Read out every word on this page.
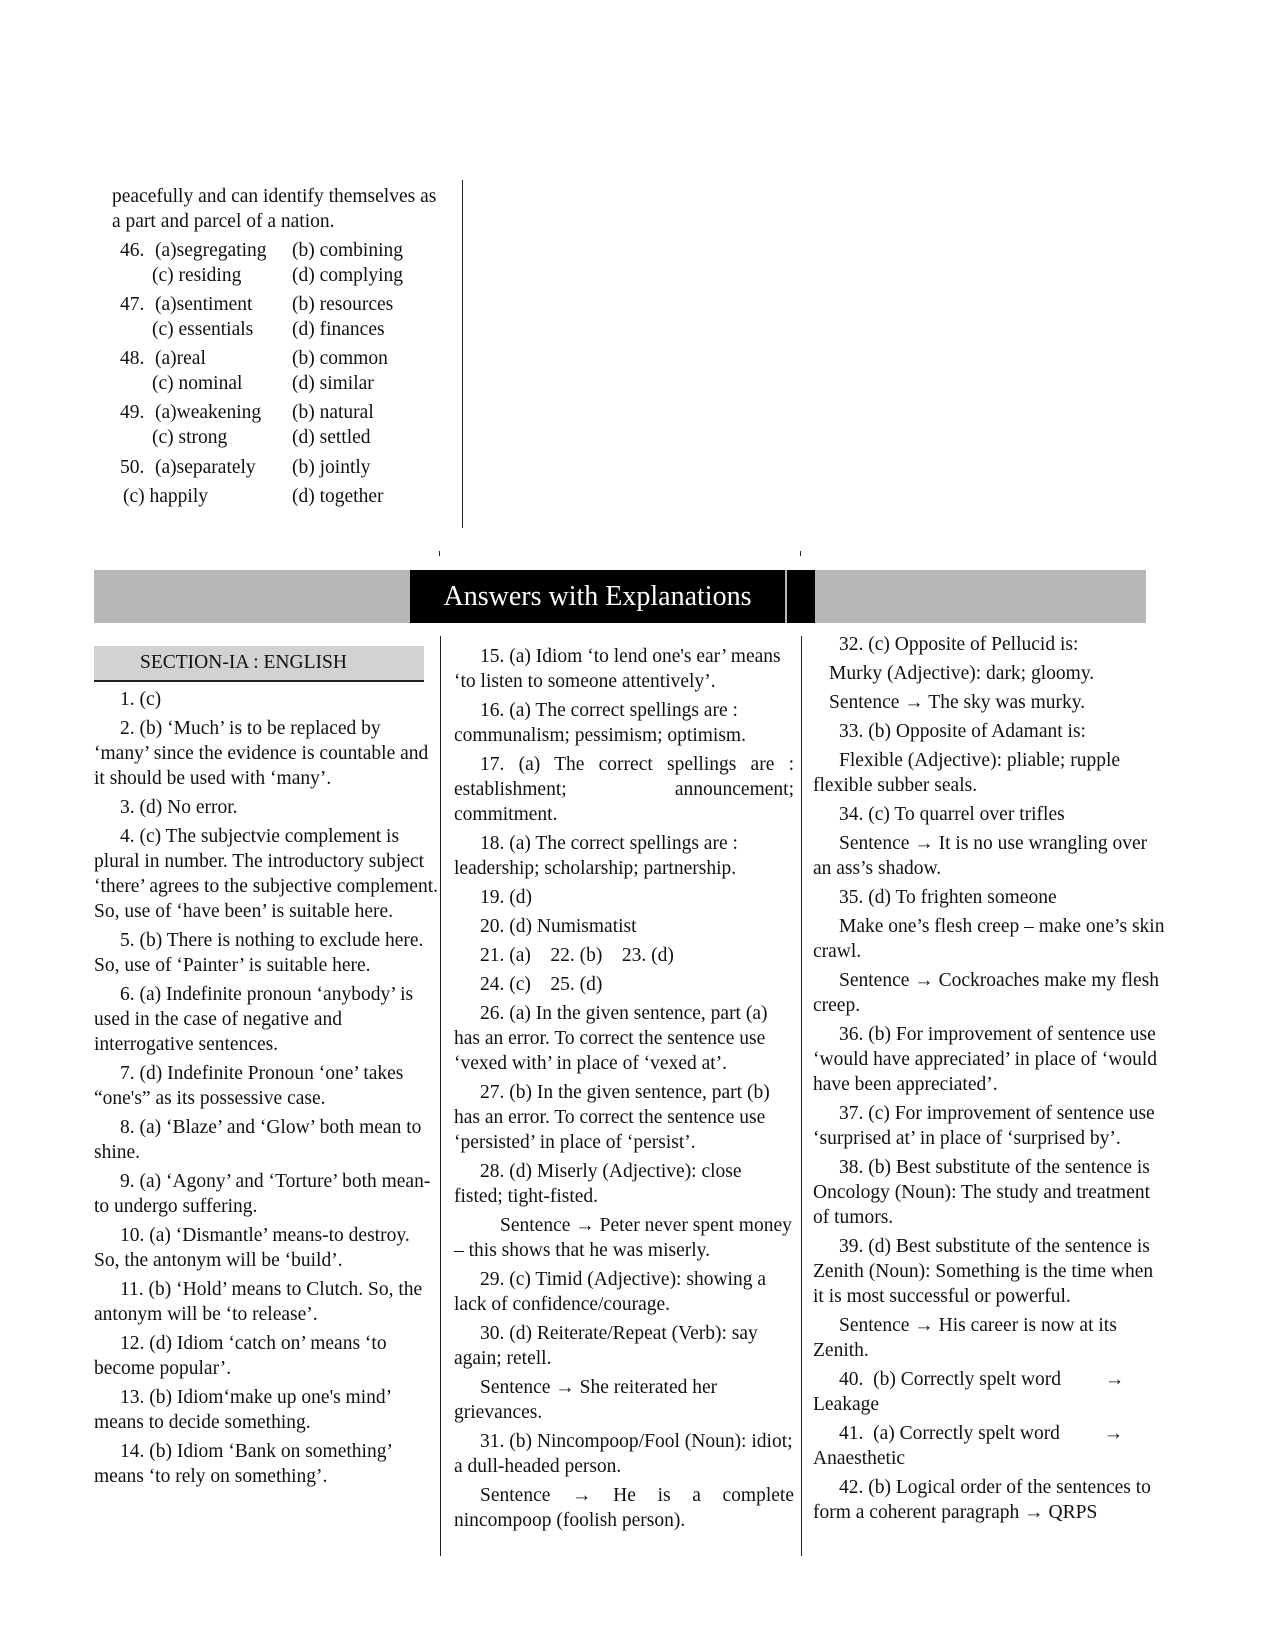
peacefully and can identify themselves as
a part and parcel of a nation.
46. (a)segregating (b) combining
(c) residing	(d) complying
47. (a)sentiment (b) resources
(c) essentials (d) finances
48. (a)real	(b) common
(c) nominal	(d) similar
49. (a)weakening (b) natural
(c) strong	(d) settled
50. (a)separately (b) jointly
(c) happily	(d) together
Answers with Explanations
SECTION-IA : ENGLISH

1. (c)

2. (b) ‘Much’ is to be replaced by ‘many’ since the evidence is countable and it should be used with ‘many’.

3. (d) No error.

4. (c) The subjectvie complement is plural in number. The introductory subject ‘there’ agrees to the subjective complement. So, use of ‘have been’ is suitable here.

5. (b) There is nothing to exclude here. So, use of ‘Painter’ is suitable here.

6. (a) Indefinite pronoun ‘anybody’ is used in the case of negative and interrogative sentences.

7. (d) Indefinite Pronoun ‘one’ takes “one's” as its possessive case.

8. (a) ‘Blaze’ and ‘Glow’ both mean to shine.

9. (a) ‘Agony’ and ‘Torture’ both mean-to undergo suffering.

10. (a) ‘Dismantle’ means-to destroy. So, the antonym will be ‘build’.

11. (b) ‘Hold’ means to Clutch. So, the antonym will be ‘to release’.

12. (d) Idiom ‘catch on’ means ‘to become popular’.

13. (b) Idiom‘make up one's mind’ means to decide something.

14. (b) Idiom ‘Bank on something’ means ‘to rely on something’.

15. (a) Idiom ‘to lend one's ear’ means ‘to listen to someone attentively’.

16. (a) The correct spellings are : communalism; pessimism; optimism.

17. (a) The correct spellings are : establishment; announcement; commitment.

18. (a) The correct spellings are : leadership; scholarship; partnership.

19. (d)

20. (d) Numismatist

21. (a)    22. (b)    23. (d)

24. (c)    25. (d)

26. (a) In the given sentence, part (a) has an error. To correct the sentence use ‘vexed with’ in place of ‘vexed at’.

27. (b) In the given sentence, part (b) has an error. To correct the sentence use ‘persisted’ in place of ‘persist’.

28. (d) Miserly (Adjective): close fisted; tight-fisted.

Sentence → Peter never spent money – this shows that he was miserly.

29. (c) Timid (Adjective): showing a lack of confidence/courage.

30. (d) Reiterate/Repeat (Verb): say again; retell.

Sentence → She reiterated her grievances.

31. (b) Nincompoop/Fool (Noun): idiot; a dull-headed person.

Sentence → He is a complete nincompoop (foolish person).

32. (c) Opposite of Pellucid is:

Murky (Adjective): dark; gloomy.

Sentence → The sky was murky.

33. (b) Opposite of Adamant is:

Flexible (Adjective): pliable; rupple flexible subber seals.

34. (c) To quarrel over trifles

Sentence → It is no use wrangling over an ass’s shadow.

35. (d) To frighten someone

Make one’s flesh creep – make one’s skin crawl.

Sentence → Cockroaches make my flesh creep.

36. (b) For improvement of sentence use ‘would have appreciated’ in place of ‘would have been appreciated’.

37. (c) For improvement of sentence use ‘surprised at’ in place of ‘surprised by’.

38. (b) Best substitute of the sentence is Oncology (Noun): The study and treatment of tumors.

39. (d) Best substitute of the sentence is Zenith (Noun): Something is the time when it is most successful or powerful.

Sentence → His career is now at its Zenith.

40.  (b) Correctly spelt word         → Leakage

41.  (a) Correctly spelt word         → Anaesthetic

42. (b) Logical order of the sentences to form a coherent paragraph → QRPS
